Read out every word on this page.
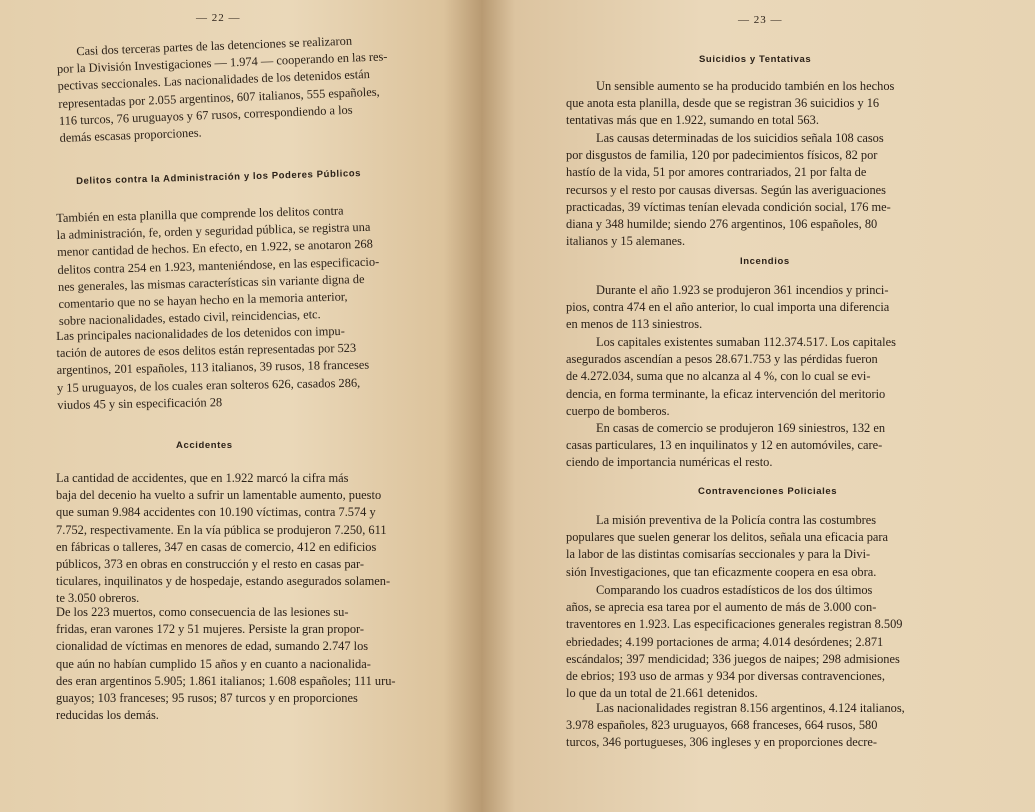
— 22 —
Casi dos terceras partes de las detenciones se realizaron
por la División Investigaciones — 1.974 — cooperando en las res-
pectivas seccionales. Las nacionalidades de los detenidos están
representadas por 2.055 argentinos, 607 italianos, 555 españoles,
116 turcos, 76 uruguayos y 67 rusos, correspondiendo a los
demás escasas proporciones.
Delitos contra la Administración y los Poderes Públicos
También en esta planilla que comprende los delitos contra
la administración, fe, orden y seguridad pública, se registra una
menor cantidad de hechos. En efecto, en 1.922, se anotaron 268
delitos contra 254 en 1.923, manteniéndose, en las especificacio-
nes generales, las mismas características sin variante digna de
comentario que no se hayan hecho en la memoria anterior,
sobre nacionalidades, estado civil, reincidencias, etc.
Las principales nacionalidades de los detenidos con impu-
tación de autores de esos delitos están representadas por 523
argentinos, 201 españoles, 113 italianos, 39 rusos, 18 franceses
y 15 uruguayos, de los cuales eran solteros 626, casados 286,
viudos 45 y sin especificación 28
Accidentes
La cantidad de accidentes, que en 1.922 marcó la cifra más
baja del decenio ha vuelto a sufrir un lamentable aumento, puesto
que suman 9.984 accidentes con 10.190 víctimas, contra 7.574 y
7.752, respectivamente. En la vía pública se produjeron 7.250, 611
en fábricas o talleres, 347 en casas de comercio, 412 en edificios
públicos, 373 en obras en construcción y el resto en casas par-
ticulares, inquilinatos y de hospedaje, estando asegurados solamen-
te 3.050 obreros.
De los 223 muertos, como consecuencia de las lesiones su-
fridas, eran varones 172 y 51 mujeres. Persiste la gran propor-
cionalidad de víctimas en menores de edad, sumando 2.747 los
que aún no habían cumplido 15 años y en cuanto a nacionalida-
des eran argentinos 5.905; 1.861 italianos; 1.608 españoles; 111 uru-
guayos; 103 franceses; 95 rusos; 87 turcos y en proporciones
reducidas los demás.
— 23 —
Suicidios y Tentativas
Un sensible aumento se ha producido también en los hechos
que anota esta planilla, desde que se registran 36 suicidios y 16
tentativas más que en 1.922, sumando en total 563.
Las causas determinadas de los suicidios señala 108 casos
por disgustos de familia, 120 por padecimientos físicos, 82 por
hastío de la vida, 51 por amores contrariados, 21 por falta de
recursos y el resto por causas diversas. Según las averiguaciones
practicadas, 39 víctimas tenían elevada condición social, 176 me-
diana y 348 humilde; siendo 276 argentinos, 106 españoles, 80
italianos y 15 alemanes.
Incendios
Durante el año 1.923 se produjeron 361 incendios y princi-
pios, contra 474 en el año anterior, lo cual importa una diferencia
en menos de 113 siniestros.
Los capitales existentes sumaban 112.374.517. Los capitales
asegurados ascendían a pesos 28.671.753 y las pérdidas fueron
de 4.272.034, suma que no alcanza al 4 %, con lo cual se evi-
dencia, en forma terminante, la eficaz intervención del meritorio
cuerpo de bomberos.
En casas de comercio se produjeron 169 siniestros, 132 en
casas particulares, 13 en inquilinatos y 12 en automóviles, care-
ciendo de importancia numéricas el resto.
Contravenciones Policiales
La misión preventiva de la Policía contra las costumbres
populares que suelen generar los delitos, señala una eficacia para
la labor de las distintas comisarías seccionales y para la Divi-
sión Investigaciones, que tan eficazmente coopera en esa obra.
Comparando los cuadros estadísticos de los dos últimos
años, se aprecia esa tarea por el aumento de más de 3.000 con-
traventores en 1.923. Las especificaciones generales registran 8.509
ebriedades; 4.199 portaciones de arma; 4.014 desórdenes; 2.871
escándalos; 397 mendicidad; 336 juegos de naipes; 298 admisiones
de ebrios; 193 uso de armas y 934 por diversas contravenciones,
lo que da un total de 21.661 detenidos.
Las nacionalidades registran 8.156 argentinos, 4.124 italianos,
3.978 españoles, 823 uruguayos, 668 franceses, 664 rusos, 580
turcos, 346 portugueses, 306 ingleses y en proporciones decre-
